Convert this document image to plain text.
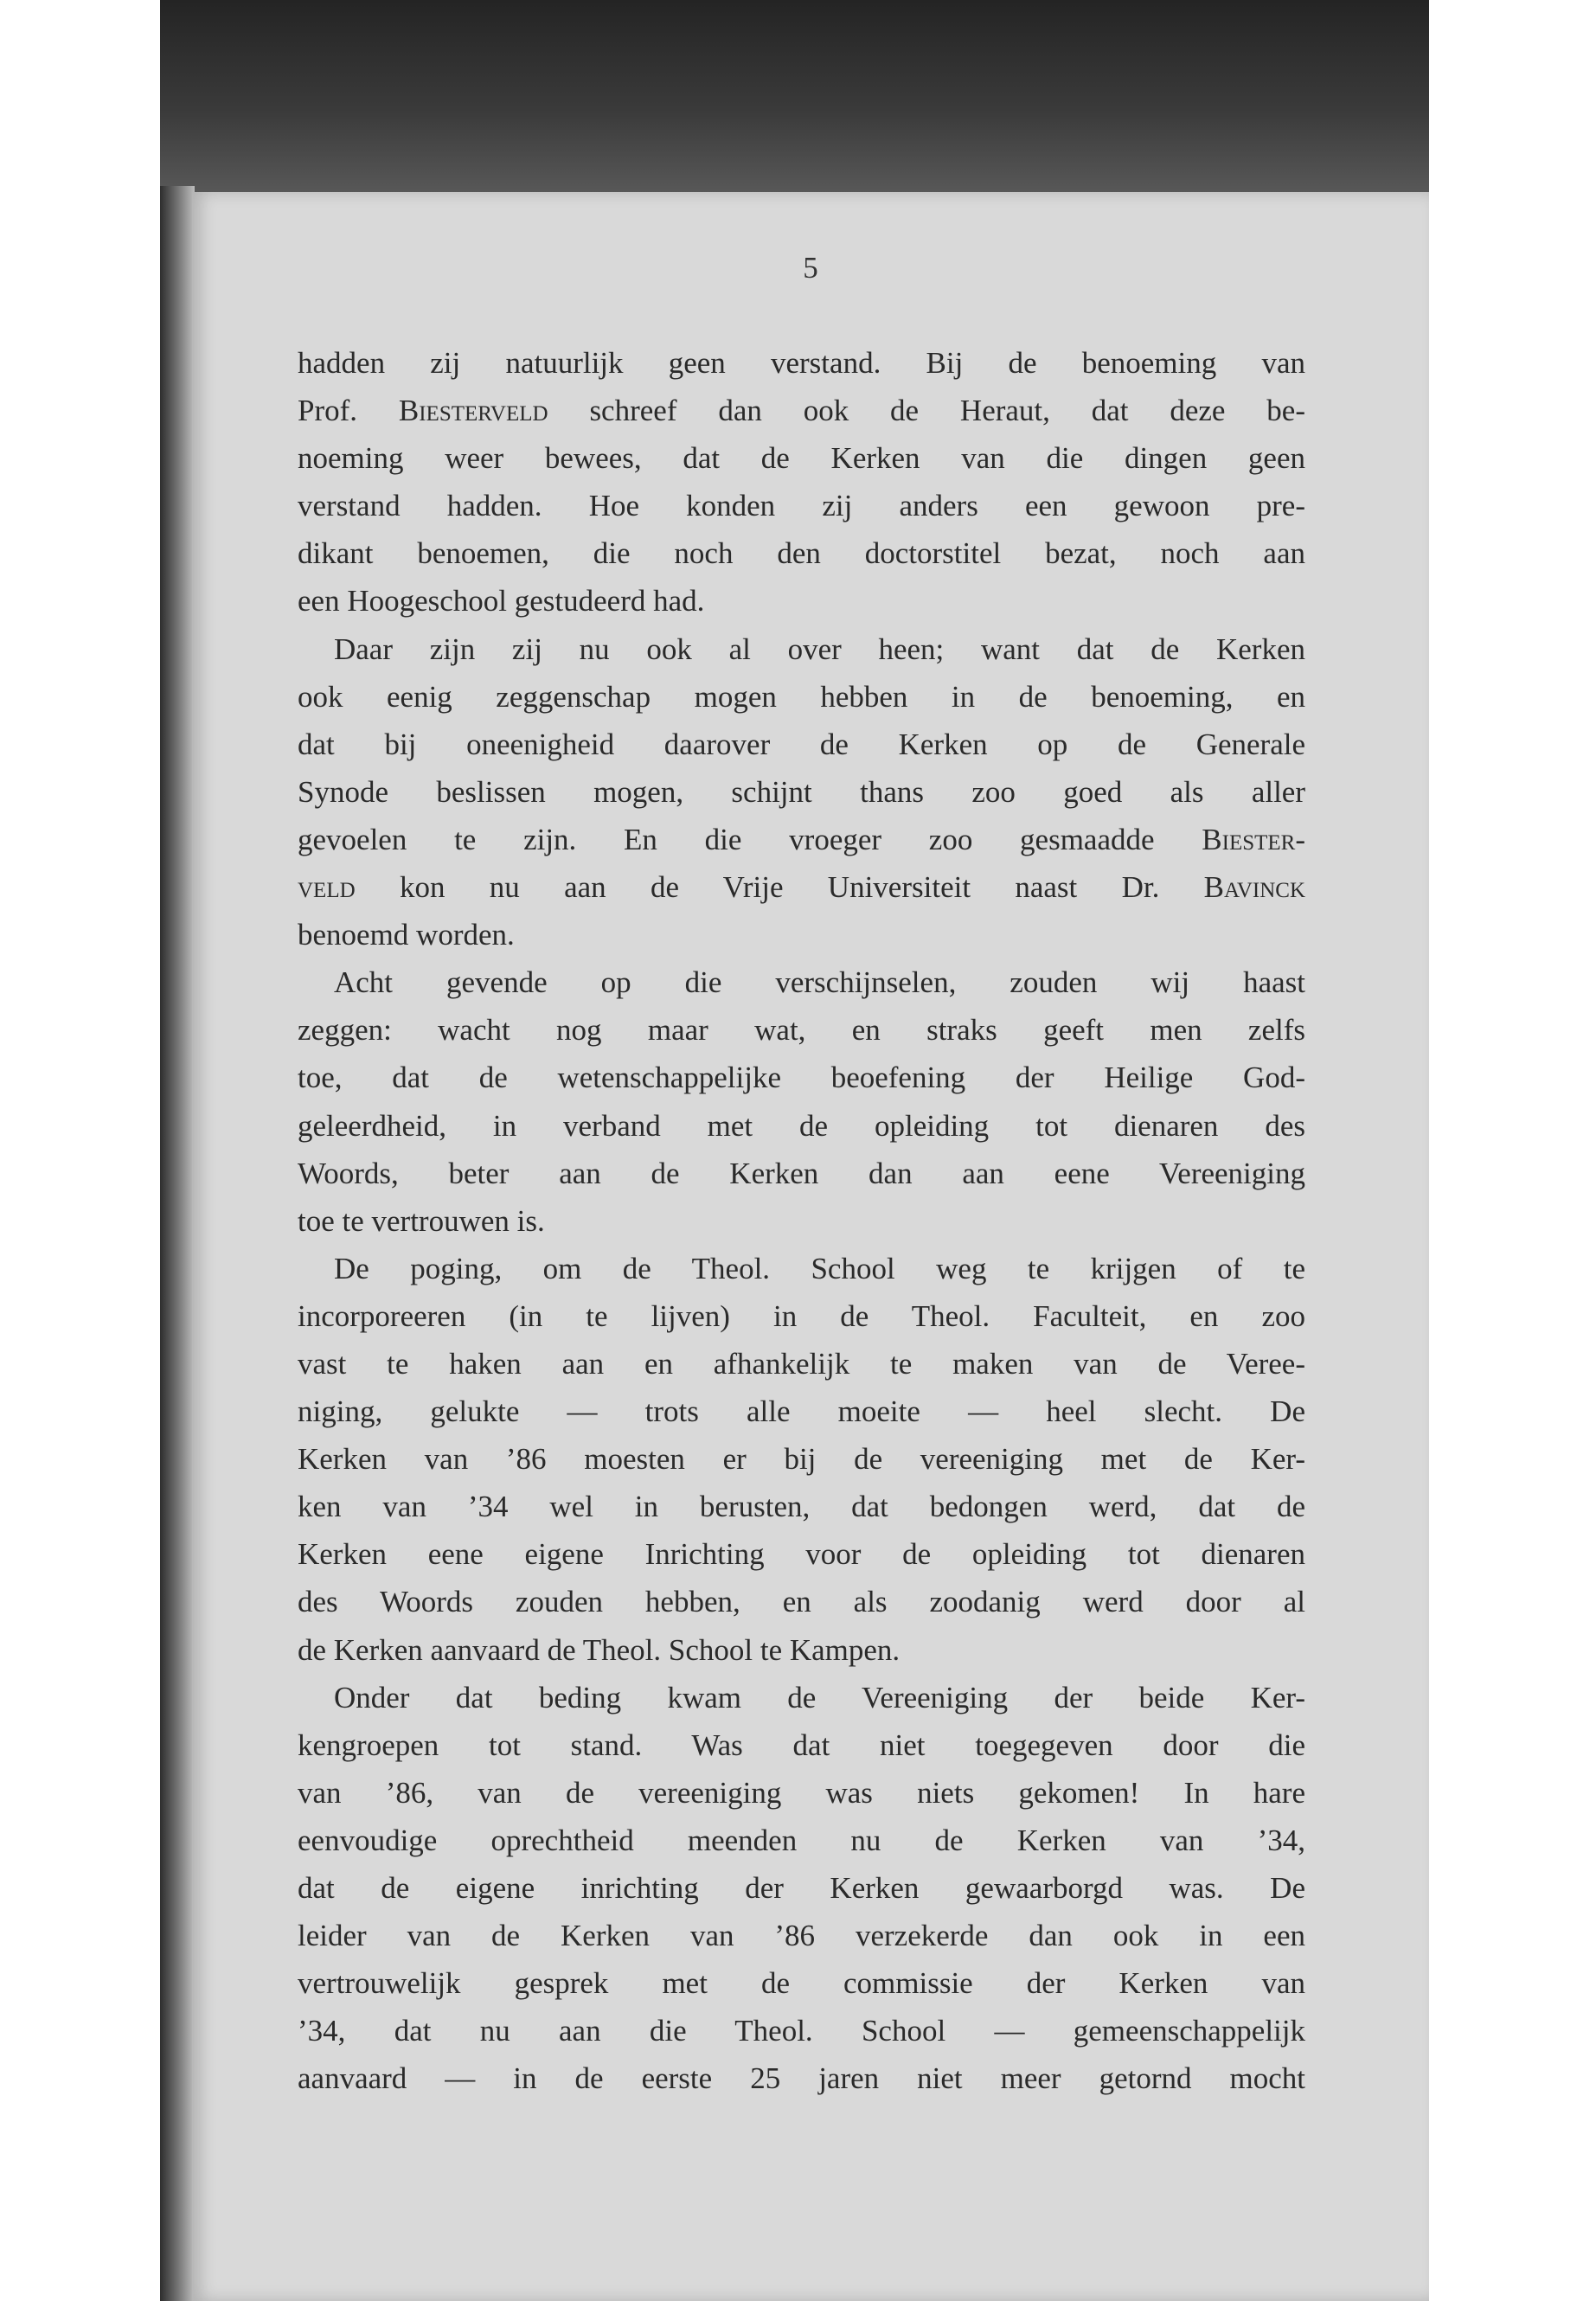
5
hadden zij natuurlijk geen verstand. Bij de benoeming van
Prof. Biesterveld schreef dan ook de Heraut, dat deze be-
noeming weer bewees, dat de Kerken van die dingen geen
verstand hadden. Hoe konden zij anders een gewoon pre-
dikant benoemen, die noch den doctorstitel bezat, noch aan
een Hoogeschool gestudeerd had.
Daar zijn zij nu ook al over heen; want dat de Kerken
ook eenig zeggenschap mogen hebben in de benoeming, en
dat bij oneenigheid daarover de Kerken op de Generale
Synode beslissen mogen, schijnt thans zoo goed als aller
gevoelen te zijn. En die vroeger zoo gesmaadde Biester-
veld kon nu aan de Vrije Universiteit naast Dr. Bavinck
benoemd worden.
Acht gevende op die verschijnselen, zouden wij haast
zeggen: wacht nog maar wat, en straks geeft men zelfs
toe, dat de wetenschappelijke beoefening der Heilige God-
geleerdheid, in verband met de opleiding tot dienaren des
Woords, beter aan de Kerken dan aan eene Vereeniging
toe te vertrouwen is.
De poging, om de Theol. School weg te krijgen of te
incorporeeren (in te lijven) in de Theol. Faculteit, en zoo
vast te haken aan en afhankelijk te maken van de Veree-
niging, gelukte — trots alle moeite — heel slecht. De
Kerken van ’86 moesten er bij de vereeniging met de Ker-
ken van ’34 wel in berusten, dat bedongen werd, dat de
Kerken eene eigene Inrichting voor de opleiding tot dienaren
des Woords zouden hebben, en als zoodanig werd door al
de Kerken aanvaard de Theol. School te Kampen.
Onder dat beding kwam de Vereeniging der beide Ker-
kengroepen tot stand. Was dat niet toegegeven door die
van ’86, van de vereeniging was niets gekomen! In hare
eenvoudige oprechtheid meenden nu de Kerken van ’34,
dat de eigene inrichting der Kerken gewaarborgd was. De
leider van de Kerken van ’86 verzekerde dan ook in een
vertrouwelijk gesprek met de commissie der Kerken van
’34, dat nu aan die Theol. School — gemeenschappelijk
aanvaard — in de eerste 25 jaren niet meer getornd mocht
